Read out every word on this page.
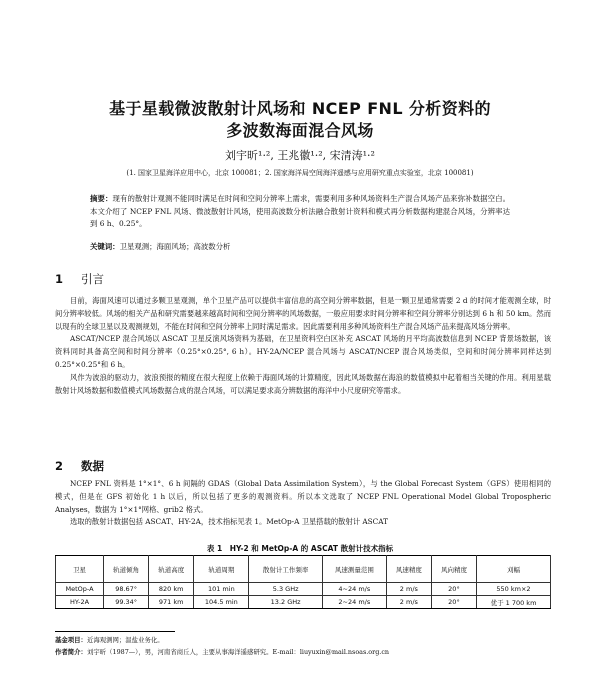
基于星载微波散射计风场和 NCEP FNL 分析资料的
多波数海面混合风场
刘宇昕¹·², 王兆徽¹·², 宋清涛¹·²
(1. 国家卫星海洋应用中心，北京 100081；2. 国家海洋局空间海洋遥感与应用研究重点实验室，北京 100081)
摘要：现有的散射计观测不能同时满足在时间和空间分辨率上需求，需要利用多种风场资料生产混合风场产品来弥补数据空白。本文介绍了 NCEP FNL 风场、微波散射计风场，使用高波数分析法融合散射计资料和模式再分析数据构建混合风场，分辨率达到 6 h、0.25°。
关键词：卫星观测；海面风场；高波数分析
1 引言

目前，海面风速可以通过多颗卫星观测，单个卫星产品可以提供丰富信息的高空间分辨率数据，但是一颗卫星通常需要 2 d 的时间才能观测全球，时间分辨率较低。风场的相关产品和研究需要越来越高时间和空间分辨率的风场数据，一般应用要求时间分辨率和空间分辨率分别达到 6 h 和 50 km。然而以现有的全球卫星以及观测规划，不能在时间和空间分辨率上同时满足需求。因此需要利用多种风场资料生产混合风场产品来提高风场分辨率。

ASCAT/NCEP 混合风场以 ASCAT 卫星反演风场资料为基础，在卫星资料空白区补充 ASCAT 风场的月平均高波数信息到 NCEP 背景场数据，该资料同时具备高空间和时间分辨率（0.25°×0.25°, 6 h）。HY-2A/NCEP 混合风场与 ASCAT/NCEP 混合风场类似，空间和时间分辨率同样达到 0.25°×0.25°和 6 h。

风作为波浪的驱动力，波浪预报的精度在很大程度上依赖于海面风场的计算精度，因此风场数据在海浪的数值模拟中起着相当关键的作用。利用星载散射计风场数据和数值模式风场数据合成的混合风场，可以满足要求高分辨数据的海洋中小尺度研究等需求。

2 数据

NCEP FNL 资料是 1°×1°、6 h 间隔的 GDAS（Global Data Assimilation System），与 the Global Forecast System（GFS）使用相同的模式，但是在 GFS 初始化 1 h 以后，所以包括了更多的观测资料。所以本文选取了 NCEP FNL Operational Model Global Tropospheric Analyses，数据为 1°×1°网格、grib2 格式。

选取的散射计数据包括 ASCAT、HY-2A，技术指标见表 1。MetOp-A 卫星搭载的散射计 ASCAT

表 1　HY-2 和 MetOp-A 的 ASCAT 散射计技术指标
卫星	轨道倾角	轨道高度	轨道周期	散射计工作频率	风速测量范围	风速精度	风向精度	刈幅
MetOp-A	98.67°	820 km	101 min	5.3 GHz	4~24 m/s	2 m/s	20°	550 km×2
HY-2A	99.34°	971 km	104.5 min	13.2 GHz	2~24 m/s	2 m/s	20°	优于 1 700 km
基金项目：近海观测网；温盐业务化。
作者简介：刘宇昕（1987—），男，河南省商丘人，主要从事海洋遥感研究。E-mail：liuyuxin@mail.nsoas.org.cn
